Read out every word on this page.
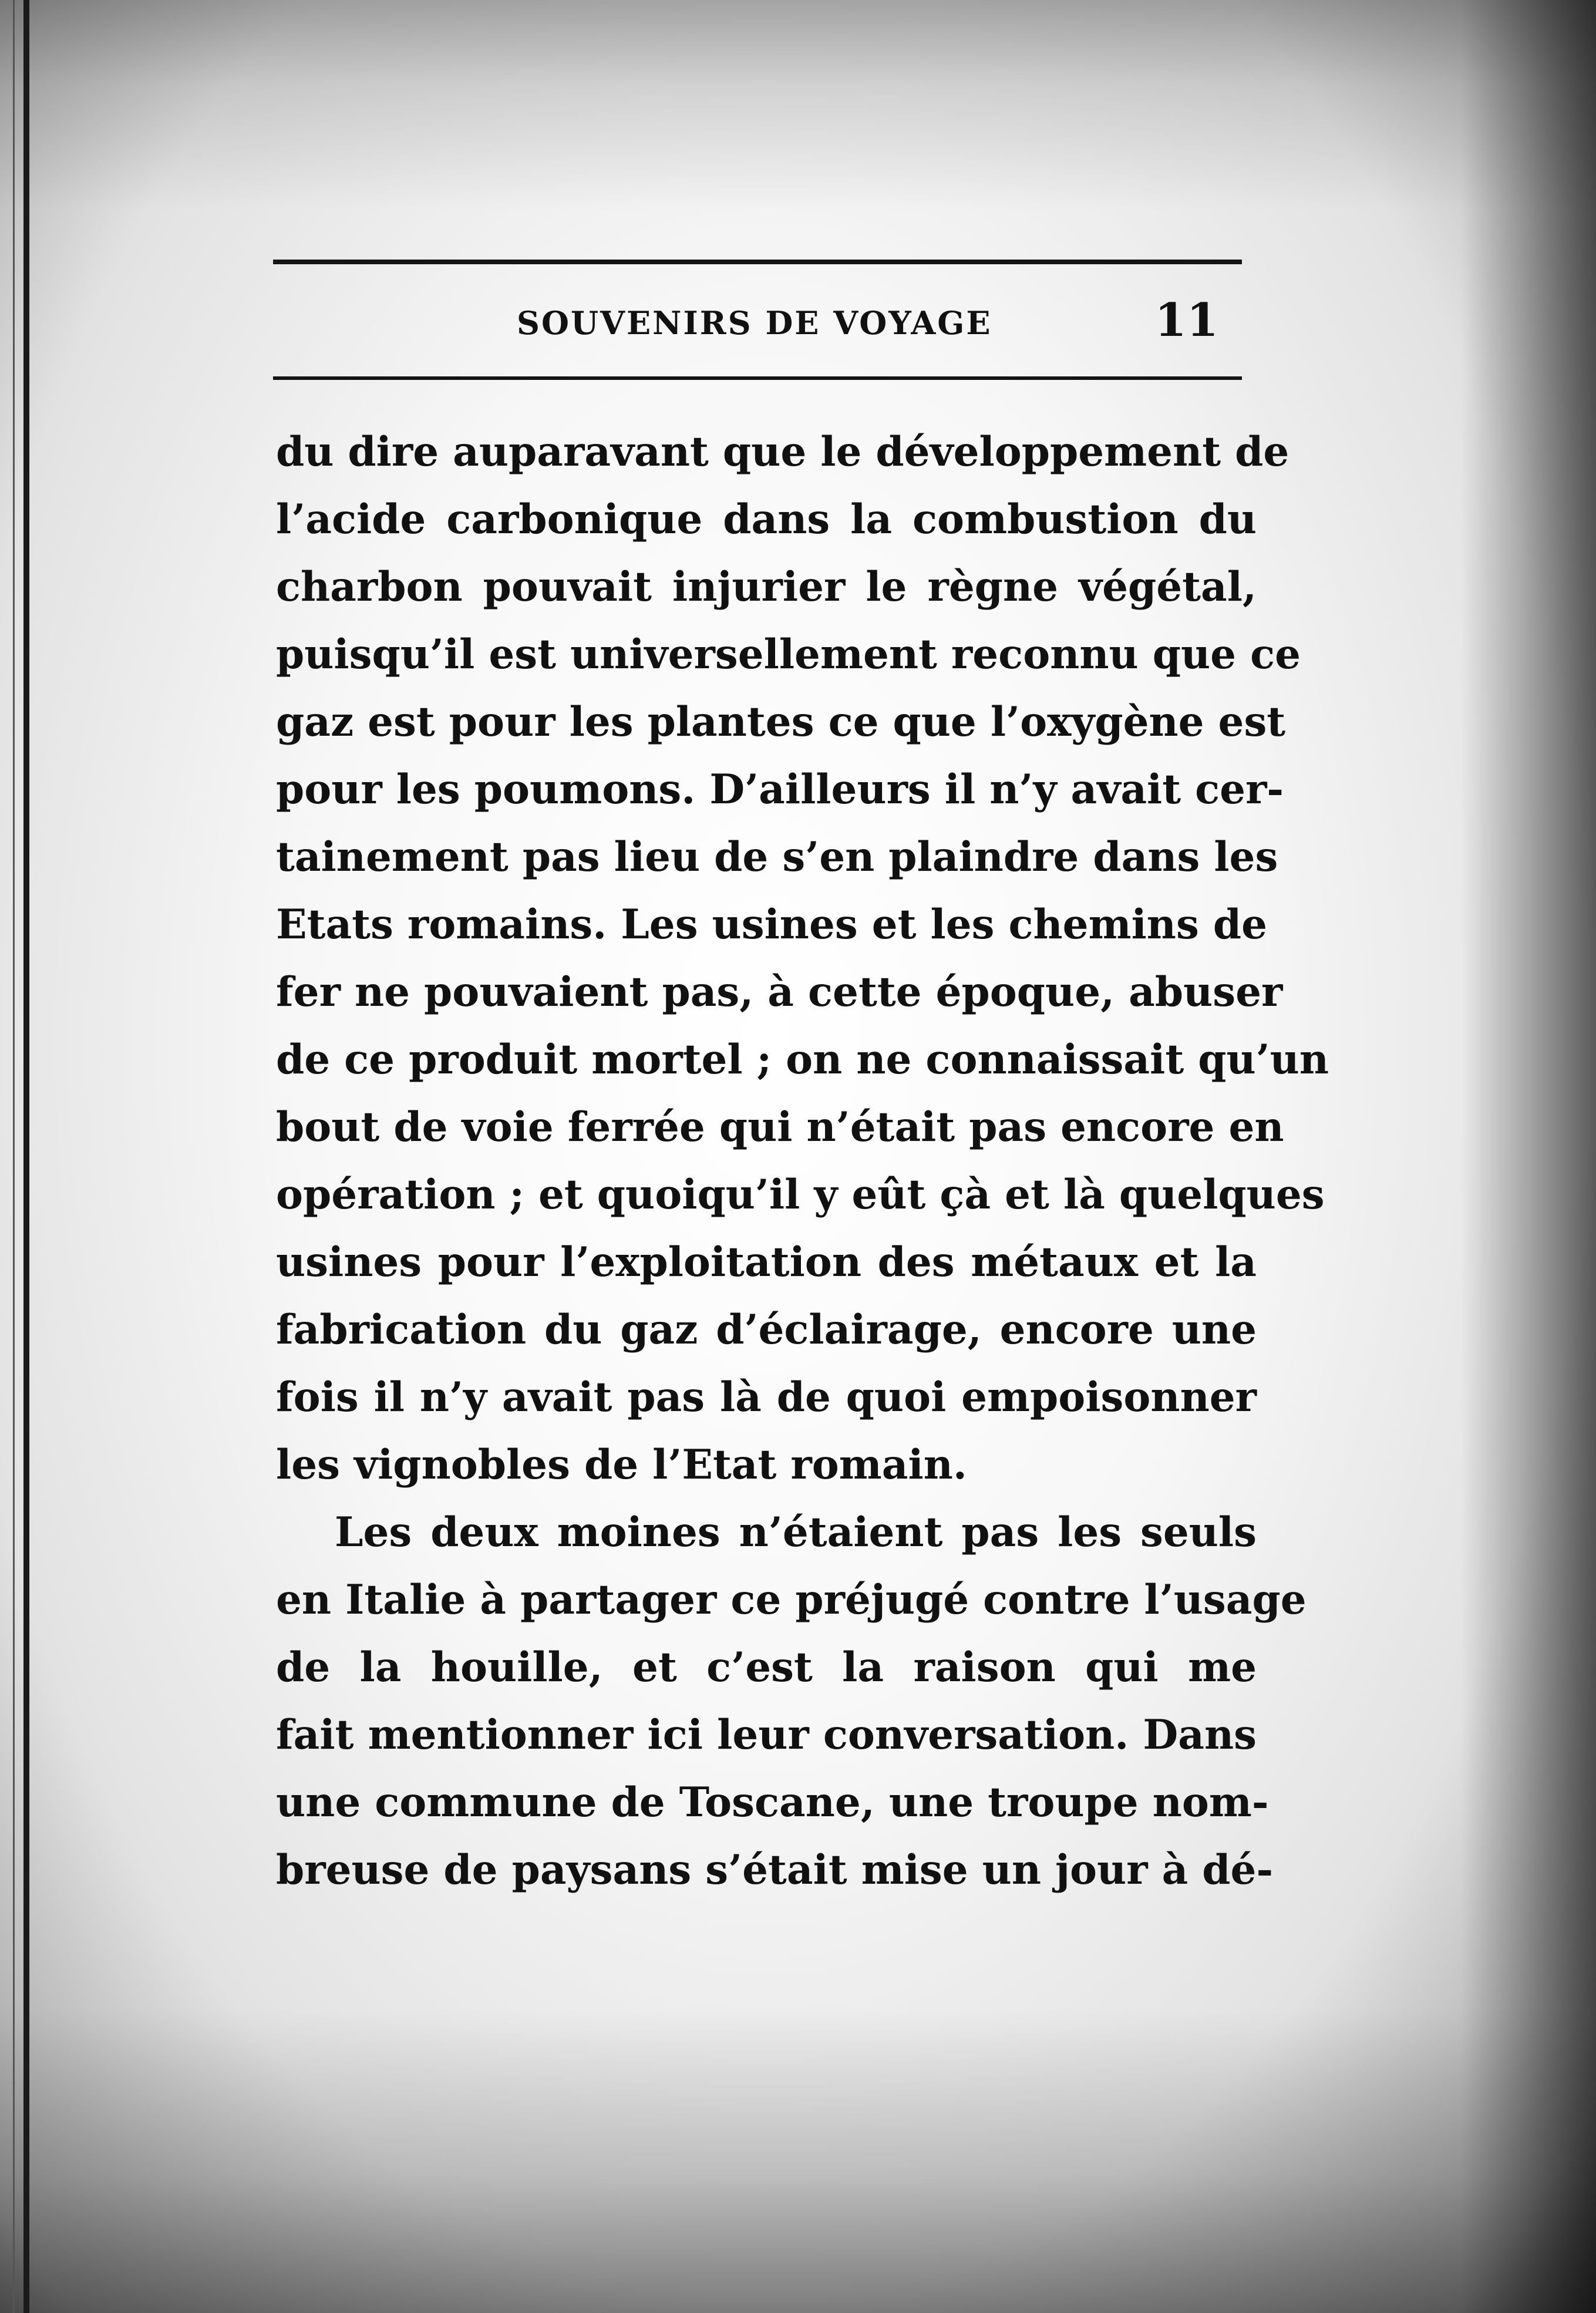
SOUVENIRS DE VOYAGE	11
du dire auparavant que le développement de
l’acide carbonique dans la combustion du
charbon pouvait injurier le règne végétal,
puisqu’il est universellement reconnu que ce
gaz est pour les plantes ce que l’oxygène est
pour les poumons. D’ailleurs il n’y avait cer-
tainement pas lieu de s’en plaindre dans les
Etats romains. Les usines et les chemins de
fer ne pouvaient pas, à cette époque, abuser
de ce produit mortel ; on ne connaissait qu’un
bout de voie ferrée qui n’était pas encore en
opération ; et quoiqu’il y eût çà et là quelques
usines pour l’exploitation des métaux et la
fabrication du gaz d’éclairage, encore une
fois il n’y avait pas là de quoi empoisonner
les vignobles de l’Etat romain.
Les deux moines n’étaient pas les seuls
en Italie à partager ce préjugé contre l’usage
de la houille, et c’est la raison qui me
fait mentionner ici leur conversation. Dans
une commune de Toscane, une troupe nom-
breuse de paysans s’était mise un jour à dé-
